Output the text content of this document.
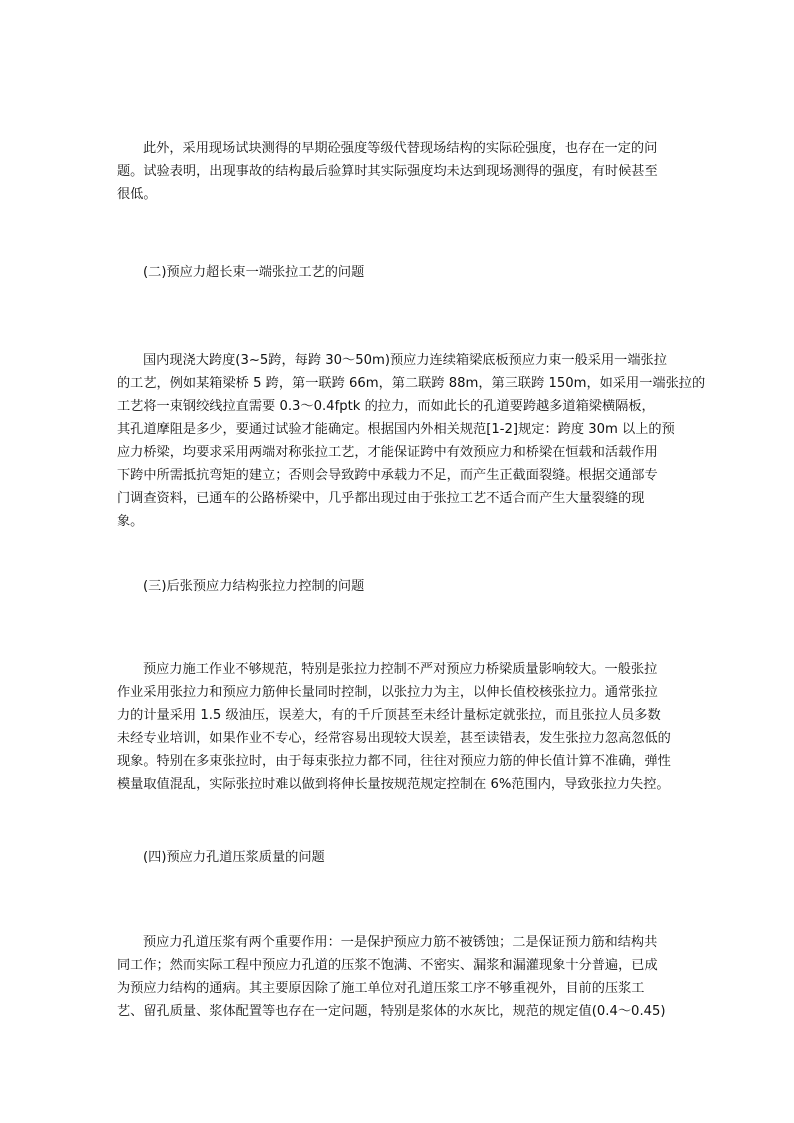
此外，采用现场试块测得的早期砼强度等级代替现场结构的实际砼强度，也存在一定的问
题。试验表明，出现事故的结构最后验算时其实际强度均未达到现场测得的强度，有时候甚至
很低。
(二)预应力超长束一端张拉工艺的问题
国内现浇大跨度(3~5跨，每跨 30～50m)预应力连续箱梁底板预应力束一般采用一端张拉
的工艺，例如某箱梁桥 5 跨，第一联跨 66m，第二联跨 88m，第三联跨 150m，如采用一端张拉的
工艺将一束钢绞线拉直需要 0.3～0.4fptk 的拉力，而如此长的孔道要跨越多道箱梁横隔板，
其孔道摩阻是多少，要通过试验才能确定。根据国内外相关规范[1-2]规定：跨度 30m 以上的预
应力桥梁，均要求采用两端对称张拉工艺，才能保证跨中有效预应力和桥梁在恒载和活载作用
下跨中所需抵抗弯矩的建立；否则会导致跨中承载力不足，而产生正截面裂缝。根据交通部专
门调查资料，已通车的公路桥梁中，几乎都出现过由于张拉工艺不适合而产生大量裂缝的现
象。
(三)后张预应力结构张拉力控制的问题
预应力施工作业不够规范，特别是张拉力控制不严对预应力桥梁质量影响较大。一般张拉
作业采用张拉力和预应力筋伸长量同时控制，以张拉力为主，以伸长值校核张拉力。通常张拉
力的计量采用 1.5 级油压，误差大，有的千斤顶甚至未经计量标定就张拉，而且张拉人员多数
未经专业培训，如果作业不专心，经常容易出现较大误差，甚至读错表，发生张拉力忽高忽低的
现象。特别在多束张拉时，由于每束张拉力都不同，往往对预应力筋的伸长值计算不准确，弹性
模量取值混乱，实际张拉时难以做到将伸长量按规范规定控制在 6%范围内，导致张拉力失控。
(四)预应力孔道压浆质量的问题
预应力孔道压浆有两个重要作用：一是保护预应力筋不被锈蚀；二是保证预力筋和结构共
同工作；然而实际工程中预应力孔道的压浆不饱满、不密实、漏浆和漏灌现象十分普遍，已成
为预应力结构的通病。其主要原因除了施工单位对孔道压浆工序不够重视外，目前的压浆工
艺、留孔质量、浆体配置等也存在一定问题，特别是浆体的水灰比，规范的规定值(0.4～0.45)
